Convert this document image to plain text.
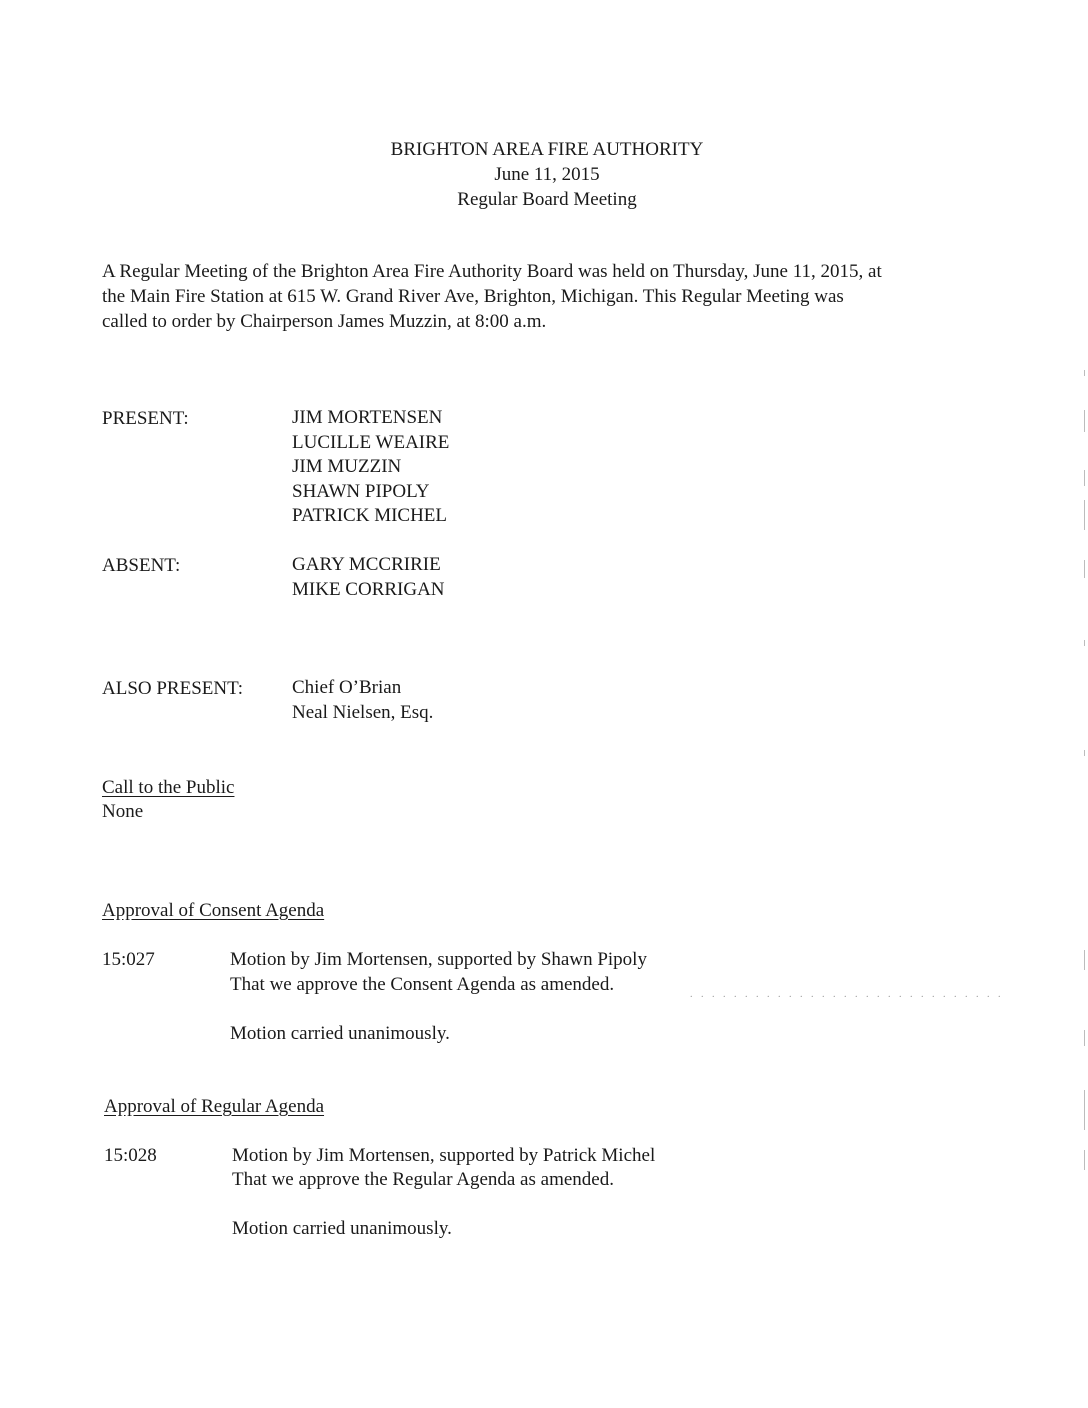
BRIGHTON AREA FIRE AUTHORITY
June 11, 2015
Regular Board Meeting
A Regular Meeting of the Brighton Area Fire Authority Board was held on Thursday, June 11, 2015, at
the Main Fire Station at 615 W. Grand River Ave, Brighton, Michigan. This Regular Meeting was
called to order by Chairperson James Muzzin, at 8:00 a.m.
PRESENT:	JIM MORTENSEN
LUCILLE WEAIRE
JIM MUZZIN
SHAWN PIPOLY
PATRICK MICHEL
ABSENT:	GARY MCCRIRIE
MIKE CORRIGAN
ALSO PRESENT:	Chief O’Brian
Neal Nielsen, Esq.
Call to the Public
None
Approval of Consent Agenda
15:027	Motion by Jim Mortensen, supported by Shawn Pipoly
That we approve the Consent Agenda as amended.	. . . . . . . . . . . . . . . . . . . . . . . . . . . . .
Motion carried unanimously.
Approval of Regular Agenda
15:028	Motion by Jim Mortensen, supported by Patrick Michel
That we approve the Regular Agenda as amended.
Motion carried unanimously.
